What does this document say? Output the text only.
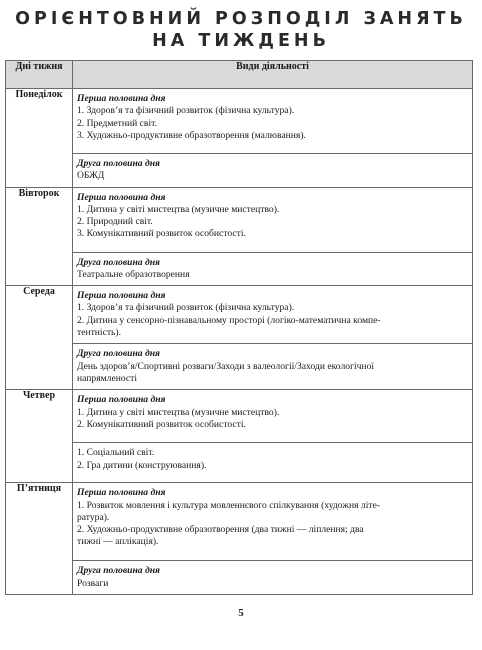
ОРІЄНТОВНИЙ РОЗПОДІЛ ЗАНЯТЬ
НА ТИЖДЕНЬ
Дні тижня	Види діяльності
Понеділок	Перша половина дня
1. Здоров’я та фізичний розвиток (фізична культура).
2. Предметний світ.
3. Художньо-продуктивне образотворення (малювання).

	Друга половина дня
ОБЖД

Вівторок	Перша половина дня
1. Дитина у світі мистецтва (музичне мистецтво).
2. Природний світ.
3. Комунікативний розвиток особистості.

	Друга половина дня
Театральне образотворення

Середа	Перша половина дня
1. Здоров’я та фізичний розвиток (фізична культура).
2. Дитина у сенсорно-пізнавальному просторі (логіко-математична компе-
тентність).

	Друга половина дня
День здоров’я/Спортивні розваги/Заходи з валеології/Заходи екологічної
напрямленості

Четвер	Перша половина дня
1. Дитина у світі мистецтва (музичне мистецтво).
2. Комунікативний розвиток особистості.

	1. Соціальний світ.
2. Гра дитини (конструювання).

П’ятниця	Перша половина дня
1. Розвиток мовлення і культура мовленнєвого спілкування (художня літе-
ратура).
2. Художньо-продуктивне образотворення (два тижні — ліплення; два
тижні — аплікація).

	Друга половина дня
Розваги
5
